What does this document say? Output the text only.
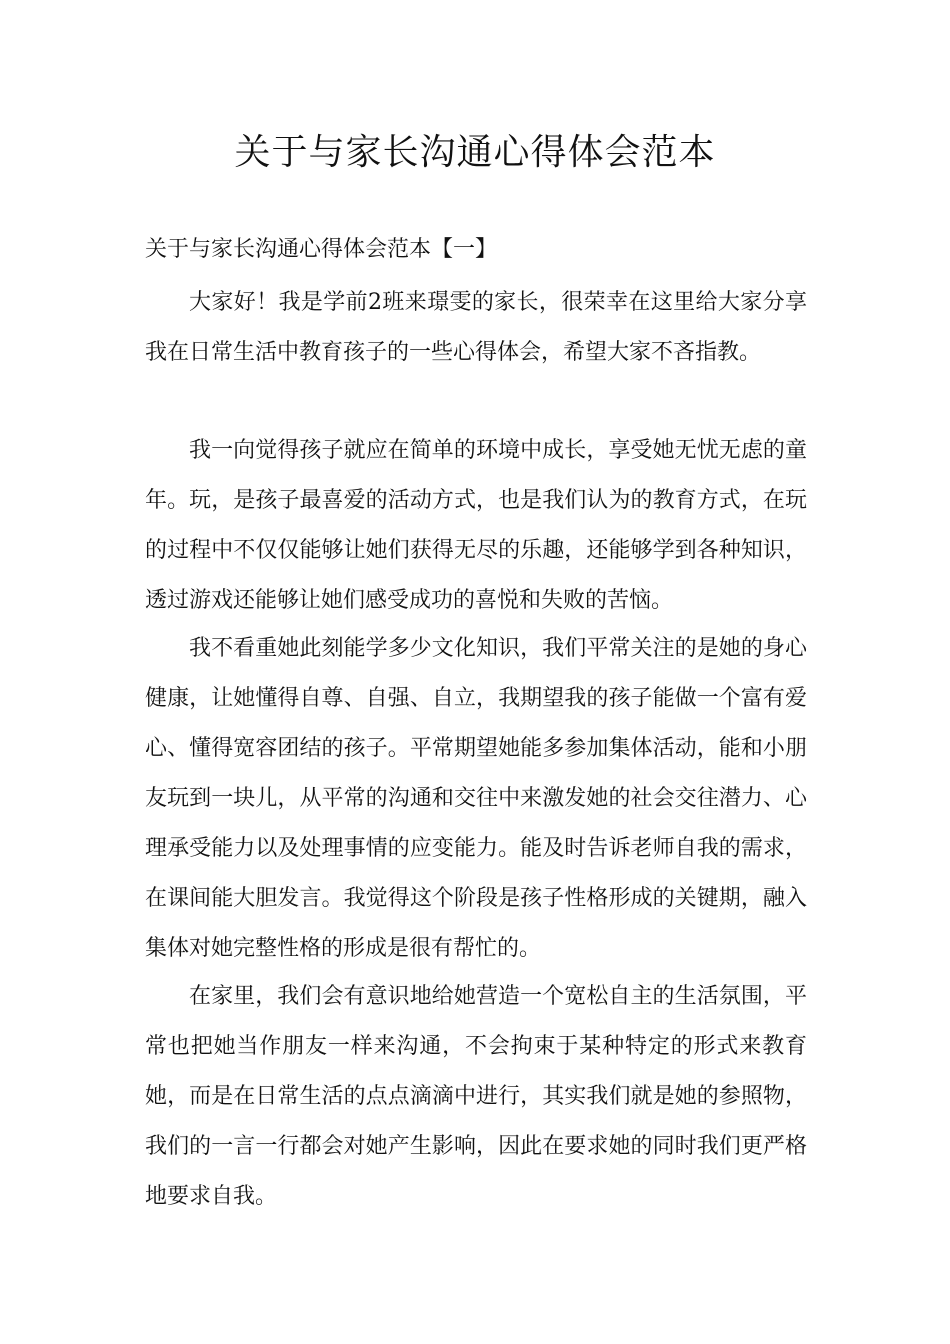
关于与家长沟通心得体会范本
关于与家长沟通心得体会范本【一】

大家好！我是学前2班来璟雯的家长，很荣幸在这里给大家分享我在日常生活中教育孩子的一些心得体会，希望大家不吝指教。

我一向觉得孩子就应在简单的环境中成长，享受她无忧无虑的童年。玩，是孩子最喜爱的活动方式，也是我们认为的教育方式，在玩的过程中不仅仅能够让她们获得无尽的乐趣，还能够学到各种知识，透过游戏还能够让她们感受成功的喜悦和失败的苦恼。

我不看重她此刻能学多少文化知识，我们平常关注的是她的身心健康，让她懂得自尊、自强、自立，我期望我的孩子能做一个富有爱心、懂得宽容团结的孩子。平常期望她能多参加集体活动，能和小朋友玩到一块儿，从平常的沟通和交往中来激发她的社会交往潜力、心理承受能力以及处理事情的应变能力。能及时告诉老师自我的需求，在课间能大胆发言。我觉得这个阶段是孩子性格形成的关键期，融入集体对她完整性格的形成是很有帮忙的。

在家里，我们会有意识地给她营造一个宽松自主的生活氛围，平常也把她当作朋友一样来沟通，不会拘束于某种特定的形式来教育她，而是在日常生活的点点滴滴中进行，其实我们就是她的参照物，我们的一言一行都会对她产生影响，因此在要求她的同时我们更严格地要求自我。
